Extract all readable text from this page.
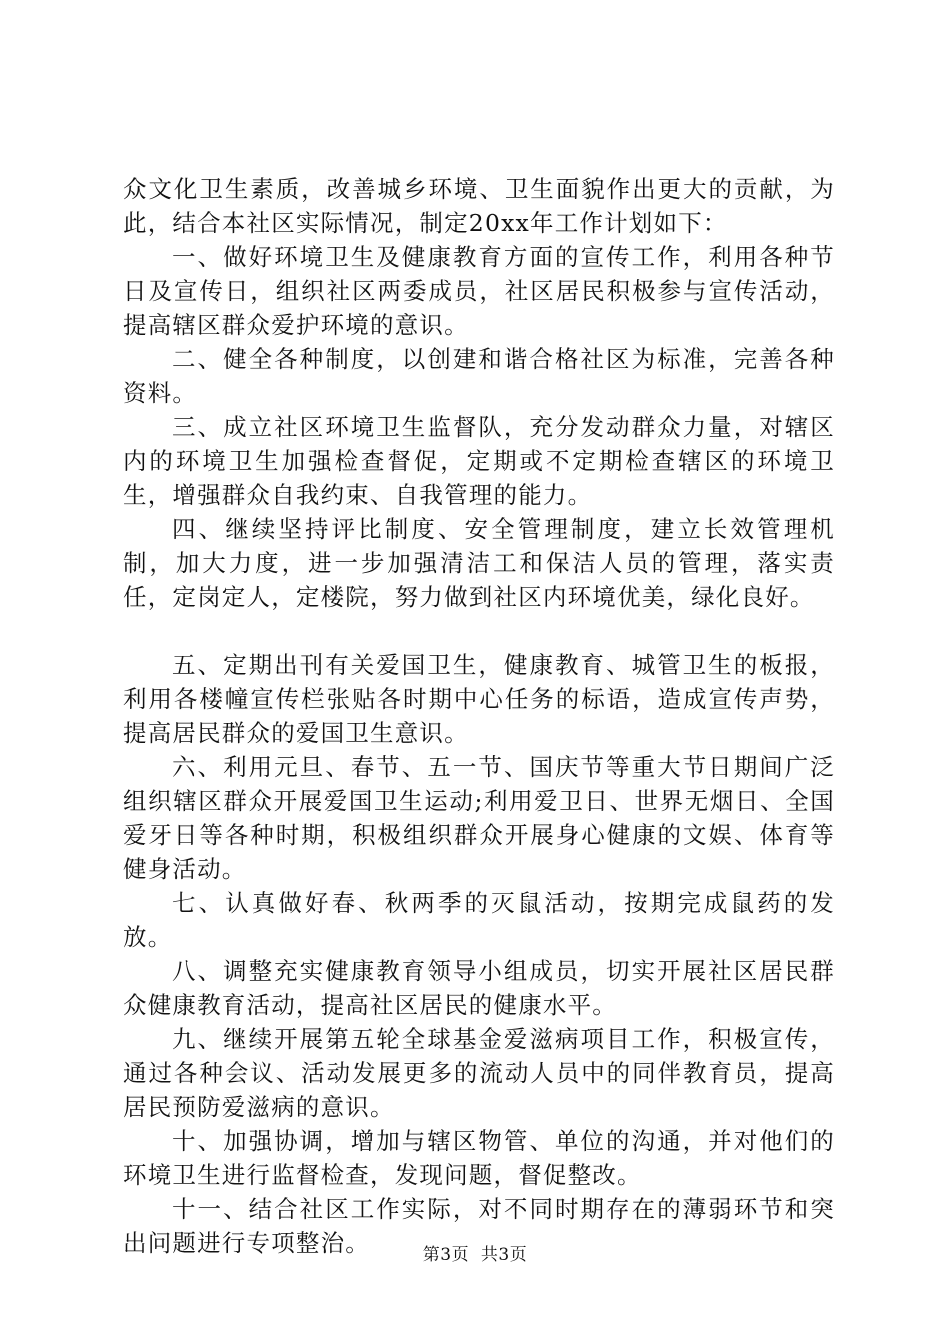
众文化卫生素质，改善城乡环境、卫生面貌作出更大的贡献，为此，结合本社区实际情况，制定20xx年工作计划如下：

一、做好环境卫生及健康教育方面的宣传工作，利用各种节日及宣传日，组织社区两委成员，社区居民积极参与宣传活动，提高辖区群众爱护环境的意识。

二、健全各种制度，以创建和谐合格社区为标准，完善各种资料。

三、成立社区环境卫生监督队，充分发动群众力量，对辖区内的环境卫生加强检查督促，定期或不定期检查辖区的环境卫生，增强群众自我约束、自我管理的能力。

四、继续坚持评比制度、安全管理制度，建立长效管理机制，加大力度，进一步加强清洁工和保洁人员的管理，落实责任，定岗定人，定楼院，努力做到社区内环境优美，绿化良好。

五、定期出刊有关爱国卫生，健康教育、城管卫生的板报，利用各楼幢宣传栏张贴各时期中心任务的标语，造成宣传声势，提高居民群众的爱国卫生意识。

六、利用元旦、春节、五一节、国庆节等重大节日期间广泛组织辖区群众开展爱国卫生运动;利用爱卫日、世界无烟日、全国爱牙日等各种时期，积极组织群众开展身心健康的文娱、体育等健身活动。

七、认真做好春、秋两季的灭鼠活动，按期完成鼠药的发放。

八、调整充实健康教育领导小组成员，切实开展社区居民群众健康教育活动，提高社区居民的健康水平。

九、继续开展第五轮全球基金爱滋病项目工作，积极宣传，通过各种会议、活动发展更多的流动人员中的同伴教育员，提高居民预防爱滋病的意识。

十、加强协调，增加与辖区物管、单位的沟通，并对他们的环境卫生进行监督检查，发现问题，督促整改。

十一、结合社区工作实际，对不同时期存在的薄弱环节和突出问题进行专项整治。	第3页  共3页
